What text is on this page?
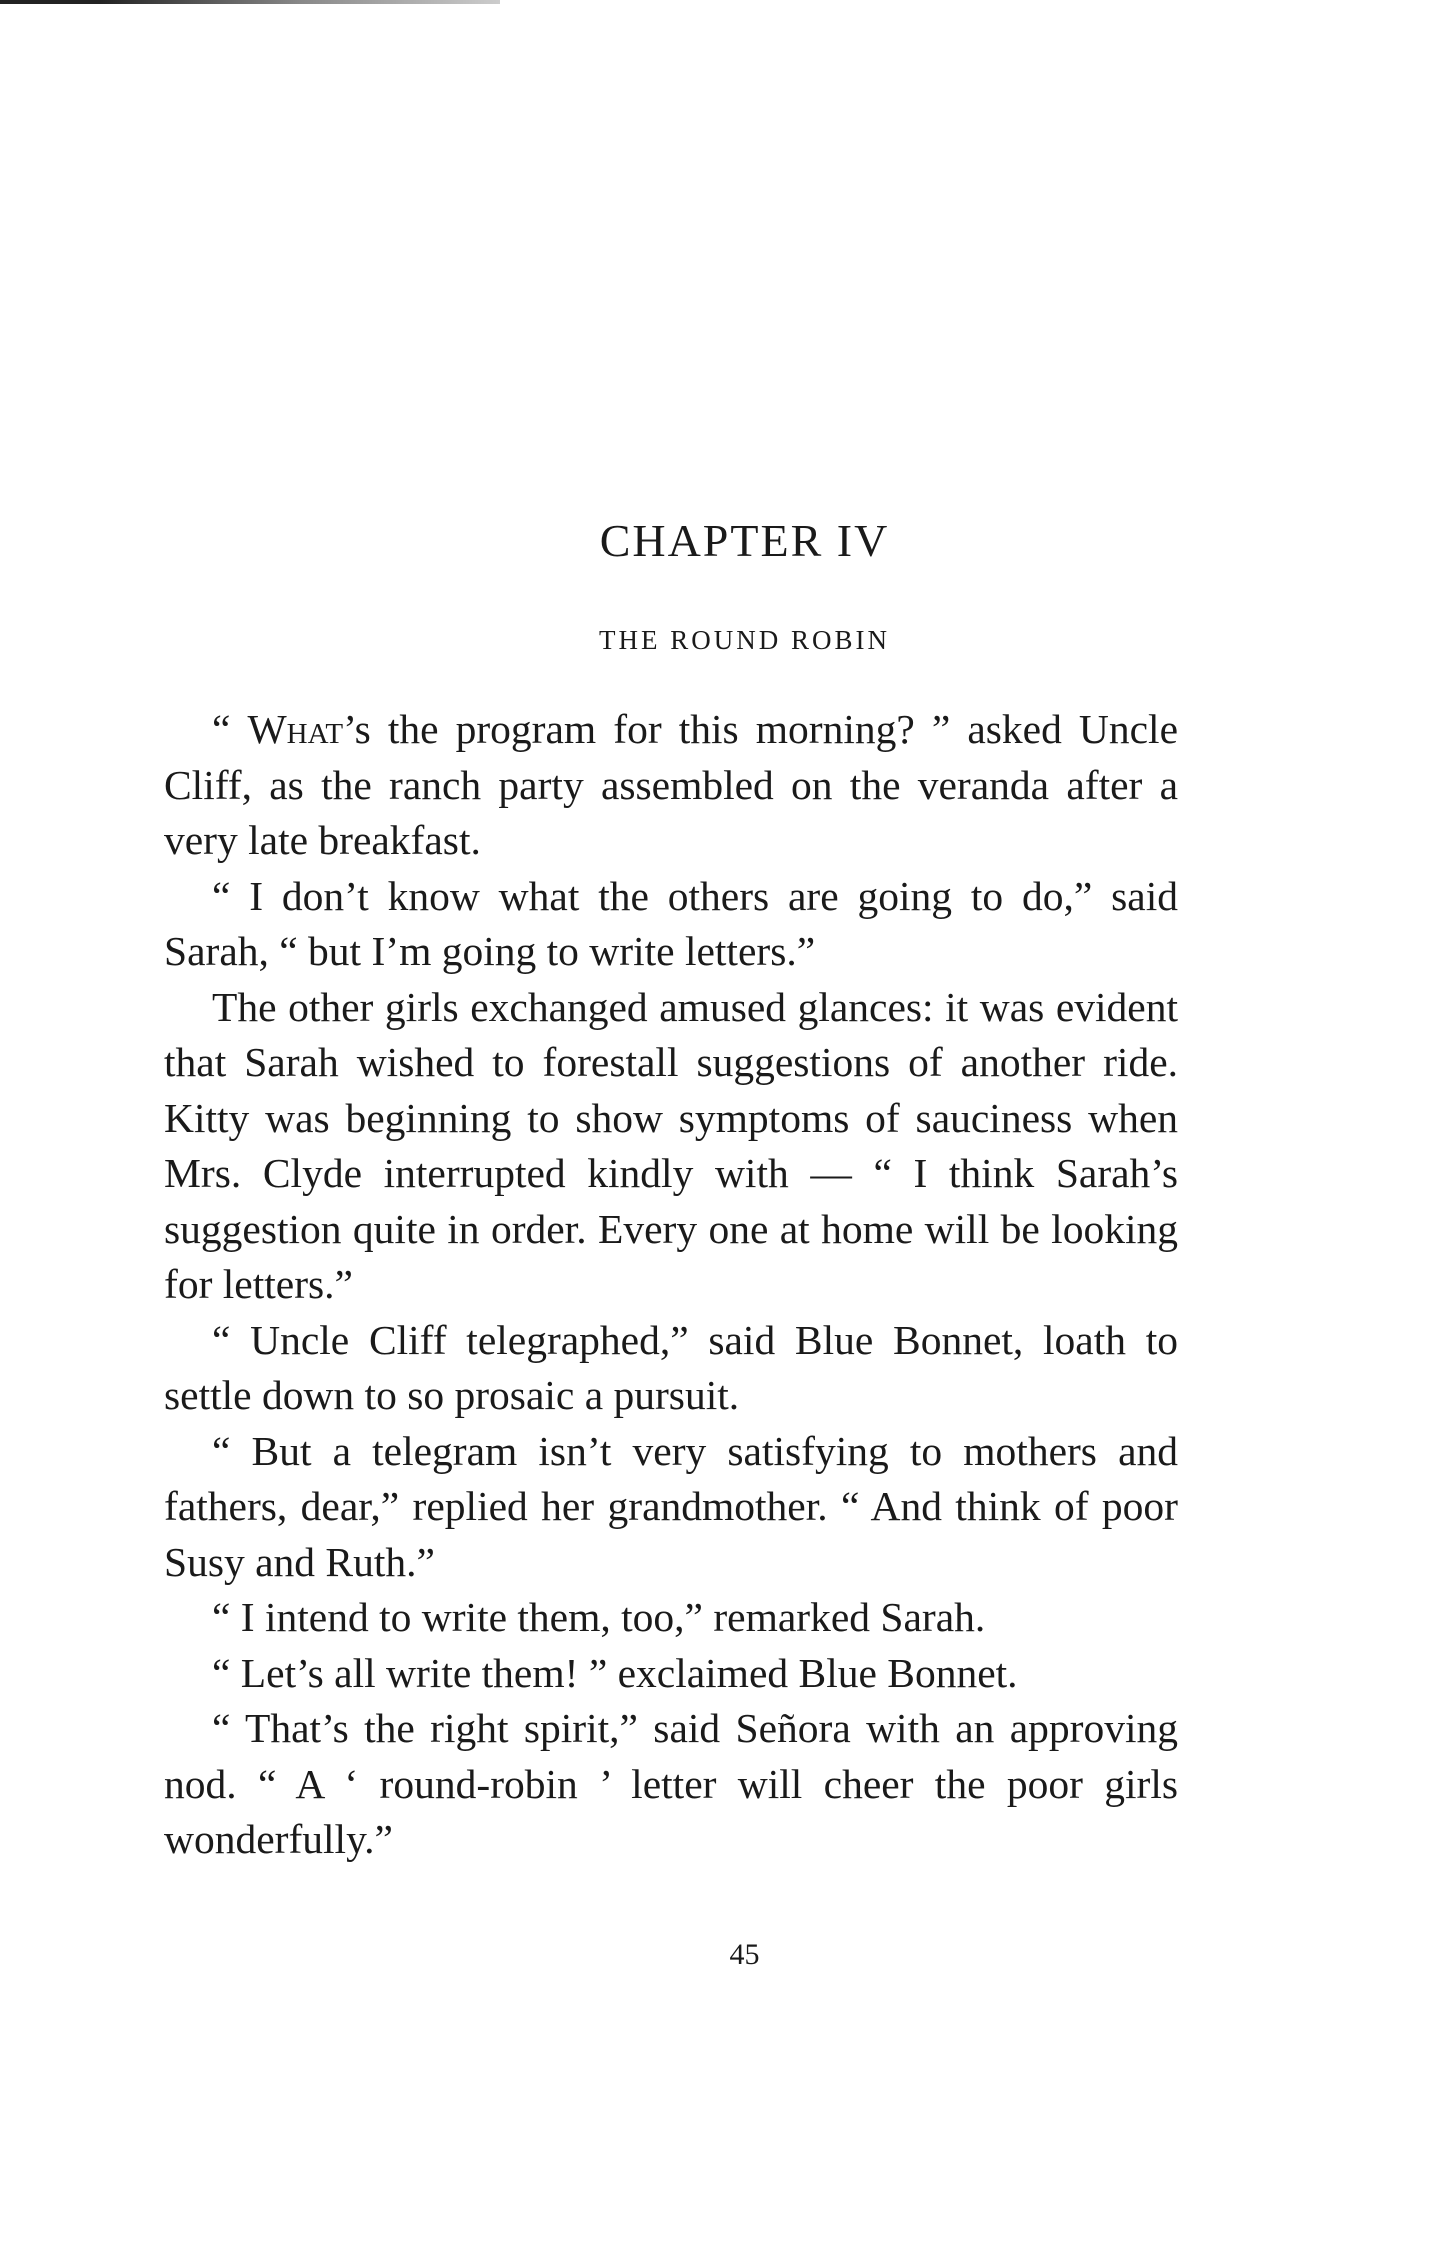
CHAPTER IV
THE ROUND ROBIN

“ What’s the program for this morning? ” asked Uncle Cliff, as the ranch party assembled on the veranda after a very late breakfast.

“ I don’t know what the others are going to do,” said Sarah, “ but I’m going to write letters.”

The other girls exchanged amused glances: it was evident that Sarah wished to forestall suggestions of another ride. Kitty was beginning to show symptoms of sauciness when Mrs. Clyde interrupted kindly with — “ I think Sarah’s suggestion quite in order. Every one at home will be looking for letters.”

“ Uncle Cliff telegraphed,” said Blue Bonnet, loath to settle down to so prosaic a pursuit.

“ But a telegram isn’t very satisfying to mothers and fathers, dear,” replied her grandmother. “ And think of poor Susy and Ruth.”

“ I intend to write them, too,” remarked Sarah.

“ Let’s all write them! ” exclaimed Blue Bonnet.

“ That’s the right spirit,” said Señora with an approving nod. “ A ‘ round-robin ’ letter will cheer the poor girls wonderfully.”

45
